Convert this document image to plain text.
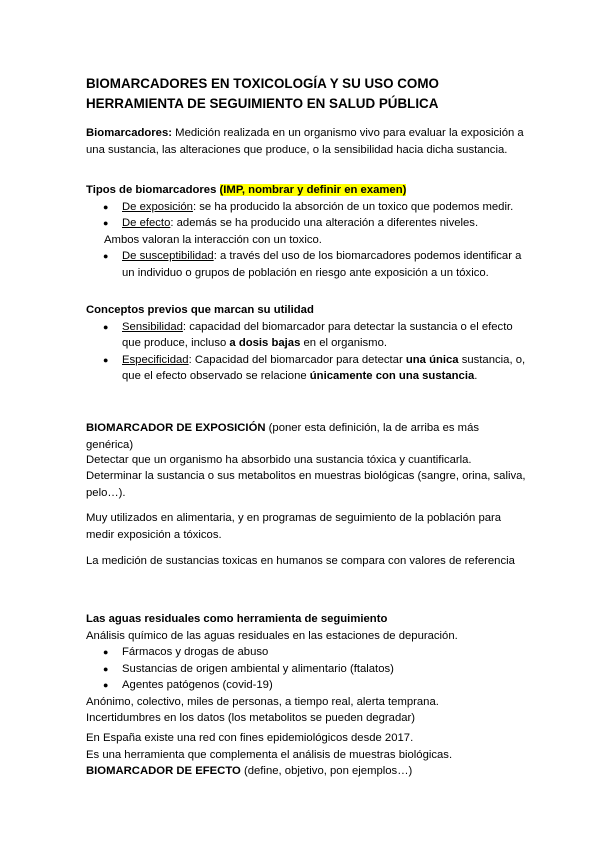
BIOMARCADORES EN TOXICOLOGÍA Y SU USO COMO
HERRAMIENTA DE SEGUIMIENTO EN SALUD PÚBLICA

Biomarcadores: Medición realizada en un organismo vivo para evaluar la exposición a una sustancia, las alteraciones que produce, o la sensibilidad hacia dicha sustancia.

Tipos de biomarcadores (IMP, nombrar y definir en examen)
● De exposición: se ha producido la absorción de un toxico que podemos medir.
● De efecto: además se ha producido una alteración a diferentes niveles.
Ambos valoran la interacción con un toxico.
● De susceptibilidad: a través del uso de los biomarcadores podemos identificar a un individuo o grupos de población en riesgo ante exposición a un tóxico.
Conceptos previos que marcan su utilidad
● Sensibilidad: capacidad del biomarcador para detectar la sustancia o el efecto que produce, incluso a dosis bajas en el organismo.
● Especificidad: Capacidad del biomarcador para detectar una única sustancia, o, que el efecto observado se relacione únicamente con una sustancia.
BIOMARCADOR DE EXPOSICIÓN (poner esta definición, la de arriba es más genérica)

Detectar que un organismo ha absorbido una sustancia tóxica y cuantificarla.

Determinar la sustancia o sus metabolitos en muestras biológicas (sangre, orina, saliva, pelo…).

Muy utilizados en alimentaria, y en programas de seguimiento de la población para medir exposición a tóxicos.

La medición de sustancias toxicas en humanos se compara con valores de referencia

Las aguas residuales como herramienta de seguimiento
Análisis químico de las aguas residuales en las estaciones de depuración.
● Fármacos y drogas de abuso
● Sustancias de origen ambiental y alimentario (ftalatos)
● Agentes patógenos (covid-19)
Anónimo, colectivo, miles de personas, a tiempo real, alerta temprana.
Incertidumbres en los datos (los metabolitos se pueden degradar)
En España existe una red con fines epidemiológicos desde 2017.
Es una herramienta que complementa el análisis de muestras biológicas.
BIOMARCADOR DE EFECTO (define, objetivo, pon ejemplos…)
